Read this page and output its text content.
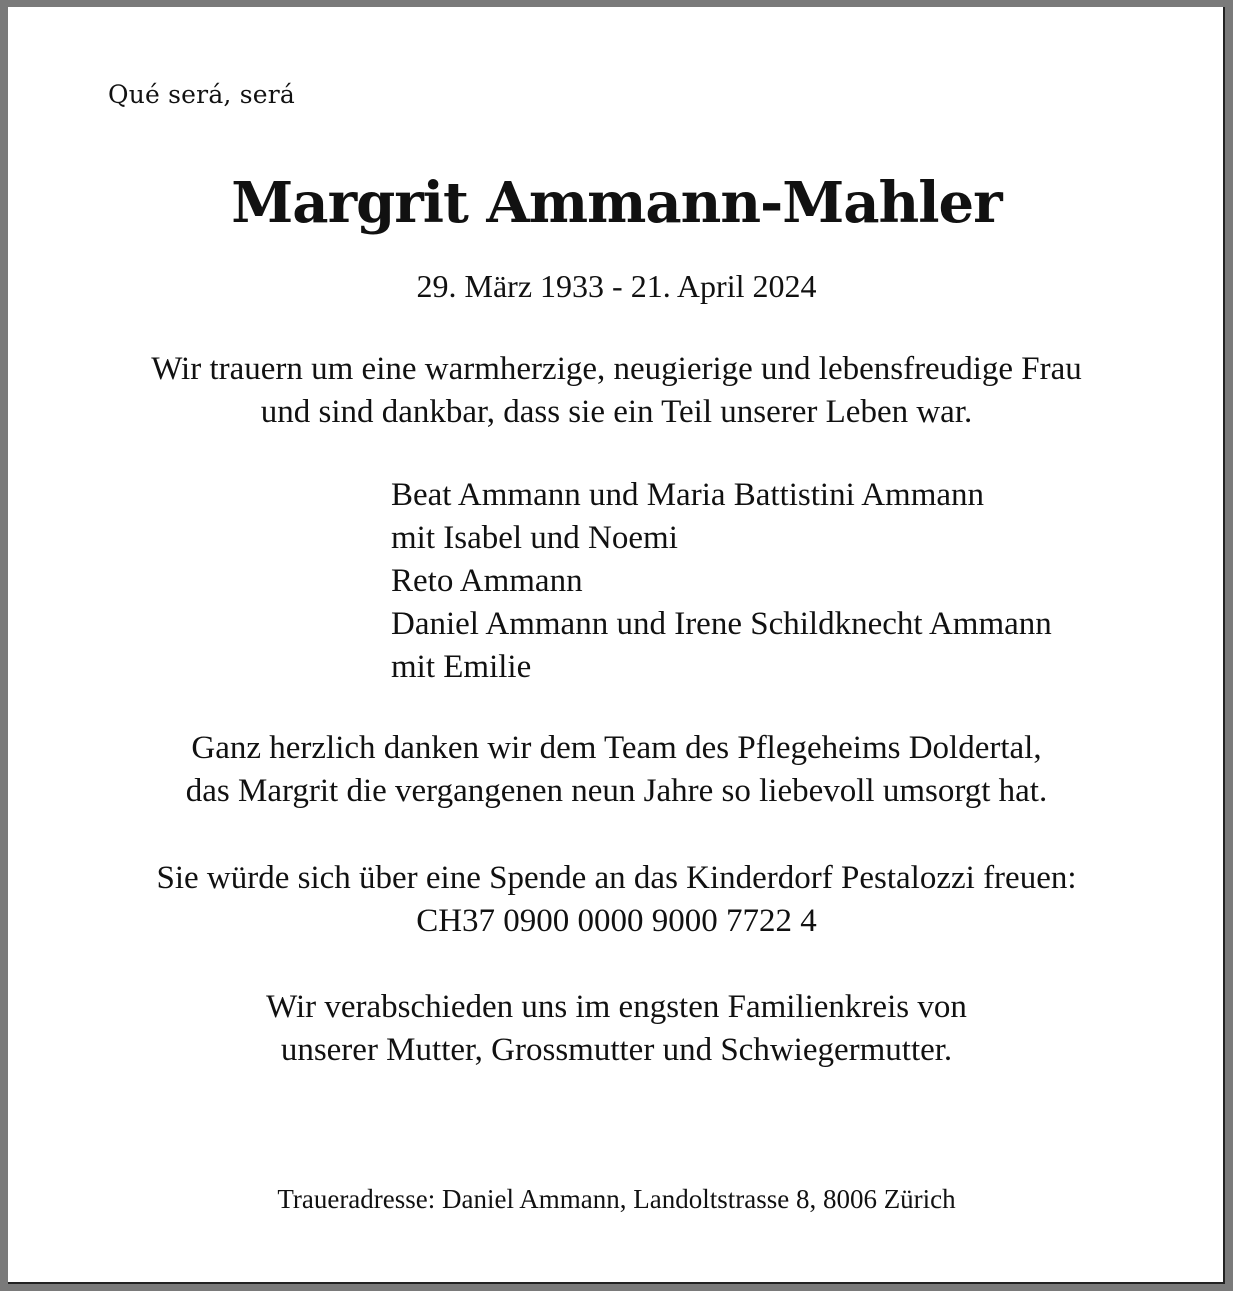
Qué será, será
Margrit Ammann-Mahler
29. März 1933 - 21. April 2024
Wir trauern um eine warmherzige, neugierige und lebensfreudige Frau
und sind dankbar, dass sie ein Teil unserer Leben war.
Beat Ammann und Maria Battistini Ammann
mit Isabel und Noemi
Reto Ammann
Daniel Ammann und Irene Schildknecht Ammann
mit Emilie
Ganz herzlich danken wir dem Team des Pflegeheims Doldertal,
das Margrit die vergangenen neun Jahre so liebevoll umsorgt hat.
Sie würde sich über eine Spende an das Kinderdorf Pestalozzi freuen:
CH37 0900 0000 9000 7722 4
Wir verabschieden uns im engsten Familienkreis von
unserer Mutter, Grossmutter und Schwiegermutter.
Traueradresse: Daniel Ammann, Landoltstrasse 8, 8006 Zürich
